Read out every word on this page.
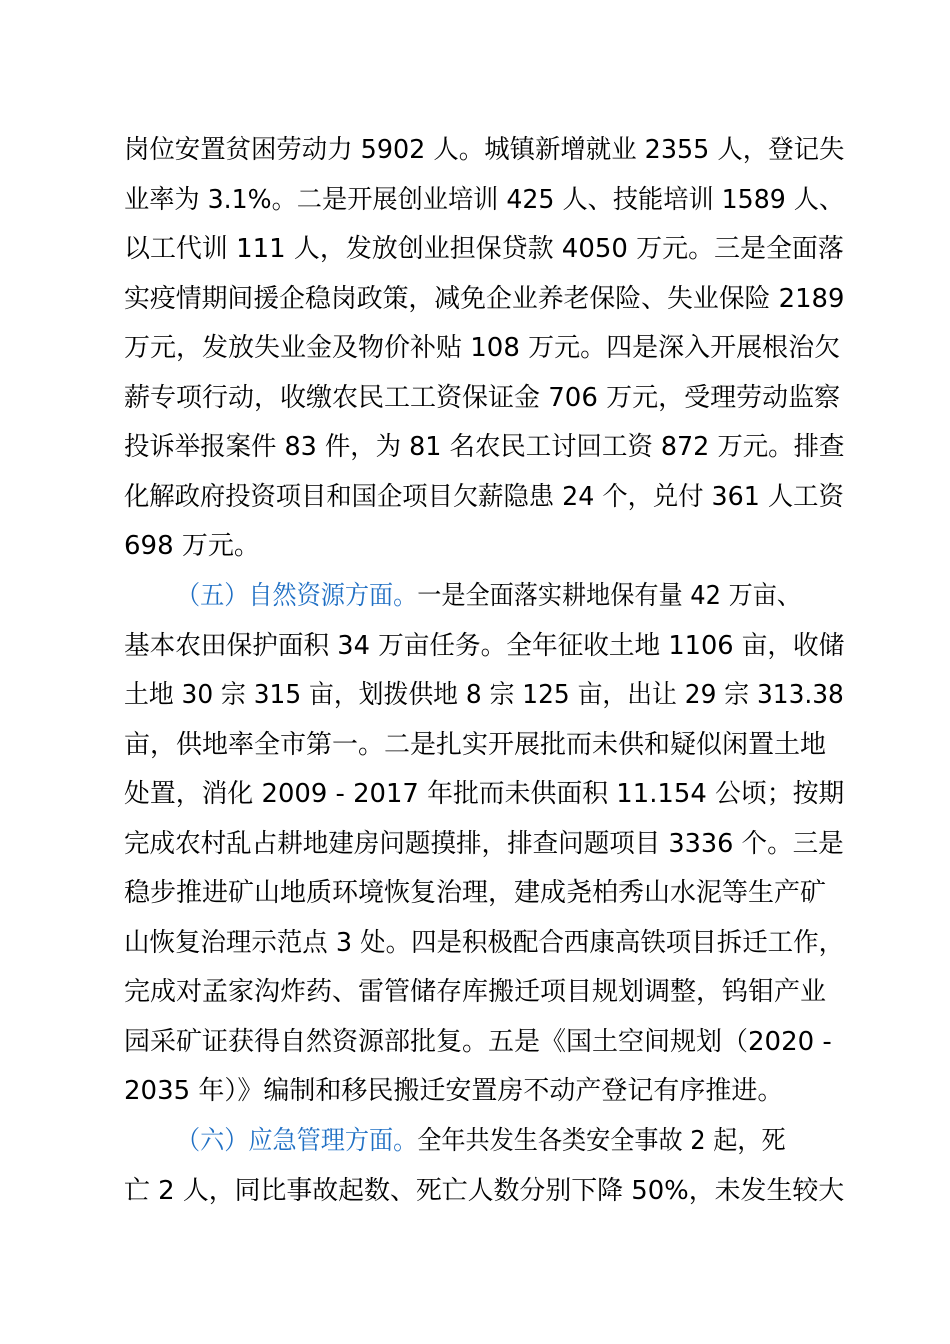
岗位安置贫困劳动力 5902 人。城镇新增就业 2355 人，登记失
业率为 3.1%。二是开展创业培训 425 人、技能培训 1589 人、
以工代训 111 人，发放创业担保贷款 4050 万元。三是全面落
实疫情期间援企稳岗政策，减免企业养老保险、失业保险 2189
万元，发放失业金及物价补贴 108 万元。四是深入开展根治欠
薪专项行动，收缴农民工工资保证金 706 万元，受理劳动监察
投诉举报案件 83 件，为 81 名农民工讨回工资 872 万元。排查
化解政府投资项目和国企项目欠薪隐患 24 个，兑付 361 人工资
698 万元。
（五）自然资源方面。一是全面落实耕地保有量 42 万亩、
基本农田保护面积 34 万亩任务。全年征收土地 1106 亩，收储
土地 30 宗 315 亩，划拨供地 8 宗 125 亩，出让 29 宗 313.38
亩，供地率全市第一。二是扎实开展批而未供和疑似闲置土地
处置，消化 2009 - 2017 年批而未供面积 11.154 公顷；按期
完成农村乱占耕地建房问题摸排，排查问题项目 3336 个。三是
稳步推进矿山地质环境恢复治理，建成尧柏秀山水泥等生产矿
山恢复治理示范点 3 处。四是积极配合西康高铁项目拆迁工作，
完成对孟家沟炸药、雷管储存库搬迁项目规划调整，钨钼产业
园采矿证获得自然资源部批复。五是《国土空间规划（2020 -
2035 年）》编制和移民搬迁安置房不动产登记有序推进。
（六）应急管理方面。全年共发生各类安全事故 2 起，死
亡 2 人，同比事故起数、死亡人数分别下降 50%，未发生较大
